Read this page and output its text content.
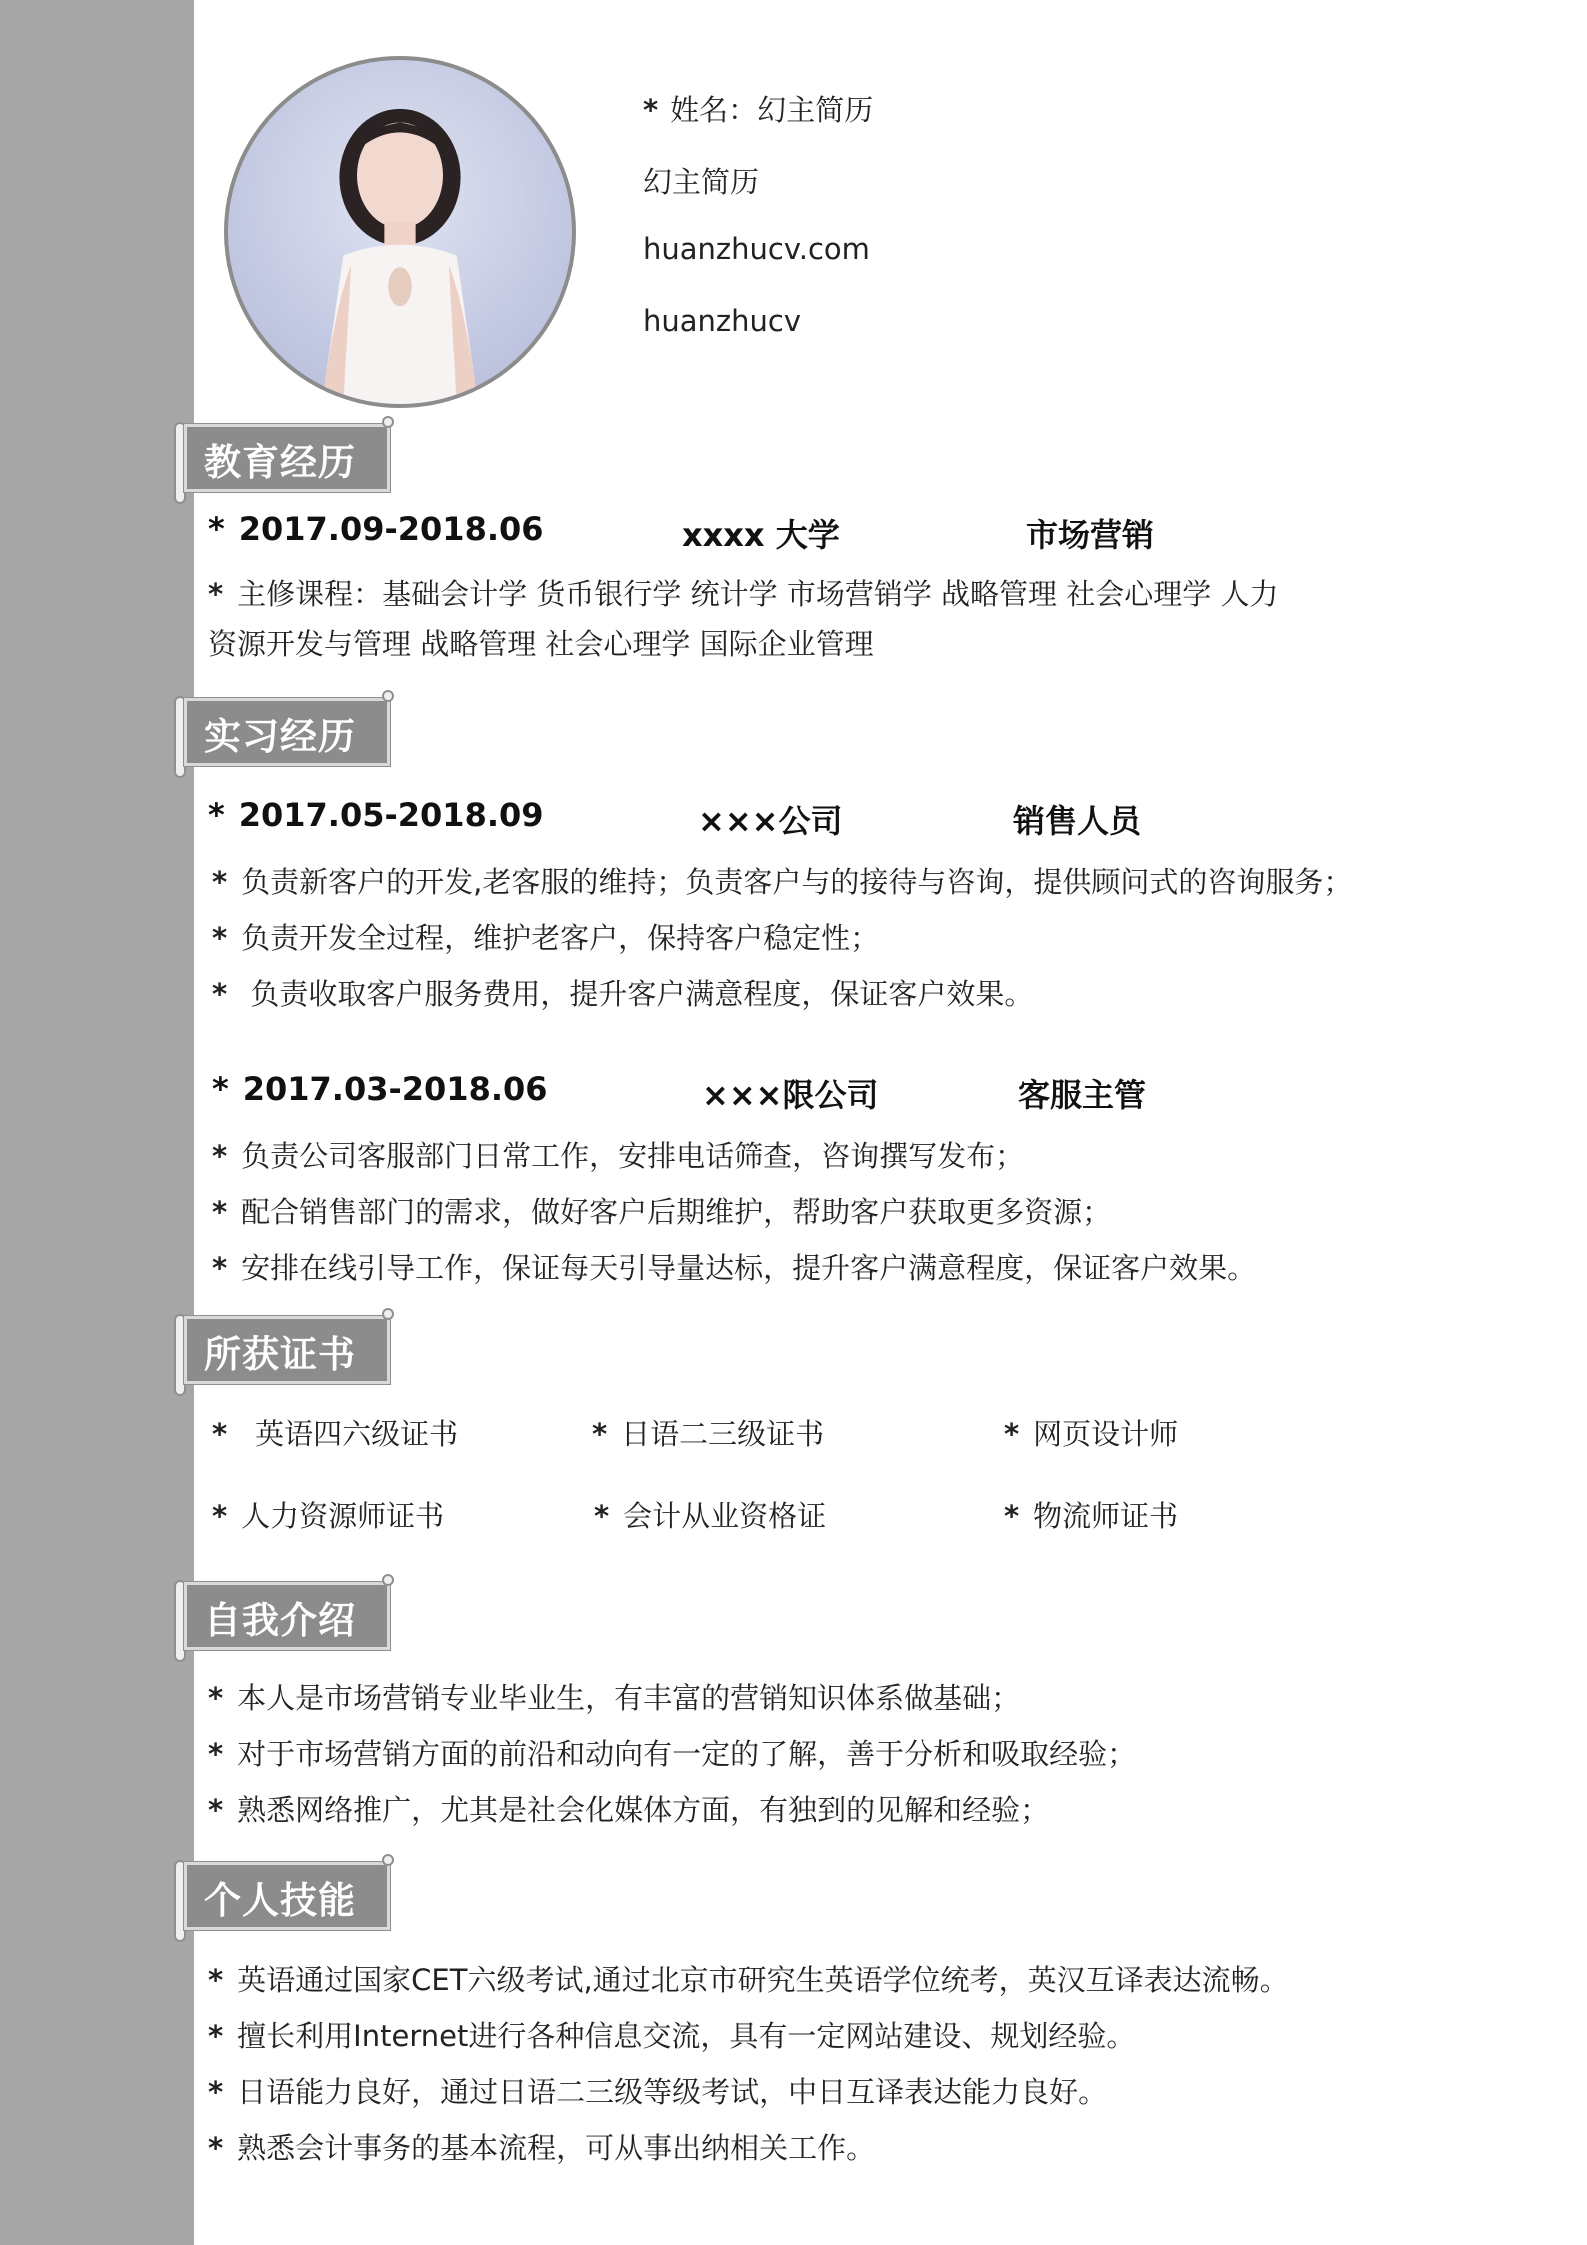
* 姓名：幻主简历
幻主简历
huanzhucv.com
huanzhucv
教育经历
* 2017.09-2018.06	xxxx 大学	市场营销
* 主修课程：基础会计学 货币银行学 统计学 市场营销学 战略管理 社会心理学 人力
资源开发与管理 战略管理 社会心理学 国际企业管理
实习经历
* 2017.05-2018.09	×××公司	销售人员
* 负责新客户的开发,老客服的维持；负责客户与的接待与咨询，提供顾问式的咨询服务；
* 负责开发全过程，维护老客户，保持客户稳定性；
* 负责收取客户服务费用，提升客户满意程度，保证客户效果。
* 2017.03-2018.06	×××限公司	客服主管
* 负责公司客服部门日常工作，安排电话筛查，咨询撰写发布；
* 配合销售部门的需求，做好客户后期维护，帮助客户获取更多资源；
* 安排在线引导工作，保证每天引导量达标，提升客户满意程度，保证客户效果。
所获证书
* 英语四六级证书	* 日语二三级证书	* 网页设计师
* 人力资源师证书	* 会计从业资格证	* 物流师证书
自我介绍
* 本人是市场营销专业毕业生，有丰富的营销知识体系做基础；
* 对于市场营销方面的前沿和动向有一定的了解，善于分析和吸取经验；
* 熟悉网络推广，尤其是社会化媒体方面，有独到的见解和经验；
个人技能
* 英语通过国家CET六级考试,通过北京市研究生英语学位统考，英汉互译表达流畅。
* 擅长利用Internet进行各种信息交流，具有一定网站建设、规划经验。
* 日语能力良好，通过日语二三级等级考试，中日互译表达能力良好。
* 熟悉会计事务的基本流程，可从事出纳相关工作。
